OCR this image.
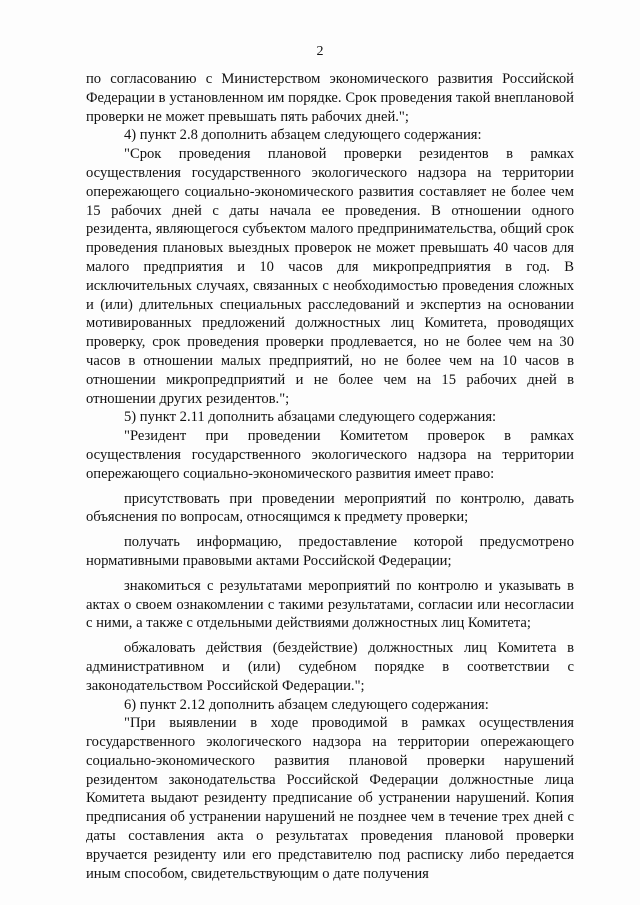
2

по согласованию с Министерством экономического развития Российской Федерации в установленном им порядке. Срок проведения такой внеплановой проверки не может превышать пять рабочих дней.";

4) пункт 2.8 дополнить абзацем следующего содержания:

"Срок проведения плановой проверки резидентов в рамках осуществления государственного экологического надзора на территории опережающего социально-экономического развития составляет не более чем 15 рабочих дней с даты начала ее проведения. В отношении одного резидента, являющегося субъектом малого предпринимательства, общий срок проведения плановых выездных проверок не может превышать 40 часов для малого предприятия и 10 часов для микропредприятия в год. В исключительных случаях, связанных с необходимостью проведения сложных и (или) длительных специальных расследований и экспертиз на основании мотивированных предложений должностных лиц Комитета, проводящих проверку, срок проведения проверки продлевается, но не более чем на 30 часов в отношении малых предприятий, но не более чем на 10 часов в отношении микропредприятий и не более чем на 15 рабочих дней в отношении других резидентов.";

5) пункт 2.11 дополнить абзацами следующего содержания:

"Резидент при проведении Комитетом проверок в рамках осуществления государственного экологического надзора на территории опережающего социально-экономического развития имеет право:

присутствовать при проведении мероприятий по контролю, давать объяснения по вопросам, относящимся к предмету проверки;

получать информацию, предоставление которой предусмотрено нормативными правовыми актами Российской Федерации;

знакомиться с результатами мероприятий по контролю и указывать в актах о своем ознакомлении с такими результатами, согласии или несогласии с ними, а также с отдельными действиями должностных лиц Комитета;

обжаловать действия (бездействие) должностных лиц Комитета в административном и (или) судебном порядке в соответствии с законодательством Российской Федерации.";

6) пункт 2.12 дополнить абзацем следующего содержания:

"При выявлении в ходе проводимой в рамках осуществления государственного экологического надзора на территории опережающего социально-экономического развития плановой проверки нарушений резидентом законодательства Российской Федерации должностные лица Комитета выдают резиденту предписание об устранении нарушений. Копия предписания об устранении нарушений не позднее чем в течение трех дней с даты составления акта о результатах проведения плановой проверки вручается резиденту или его представителю под расписку либо передается иным способом, свидетельствующим о дате получения
